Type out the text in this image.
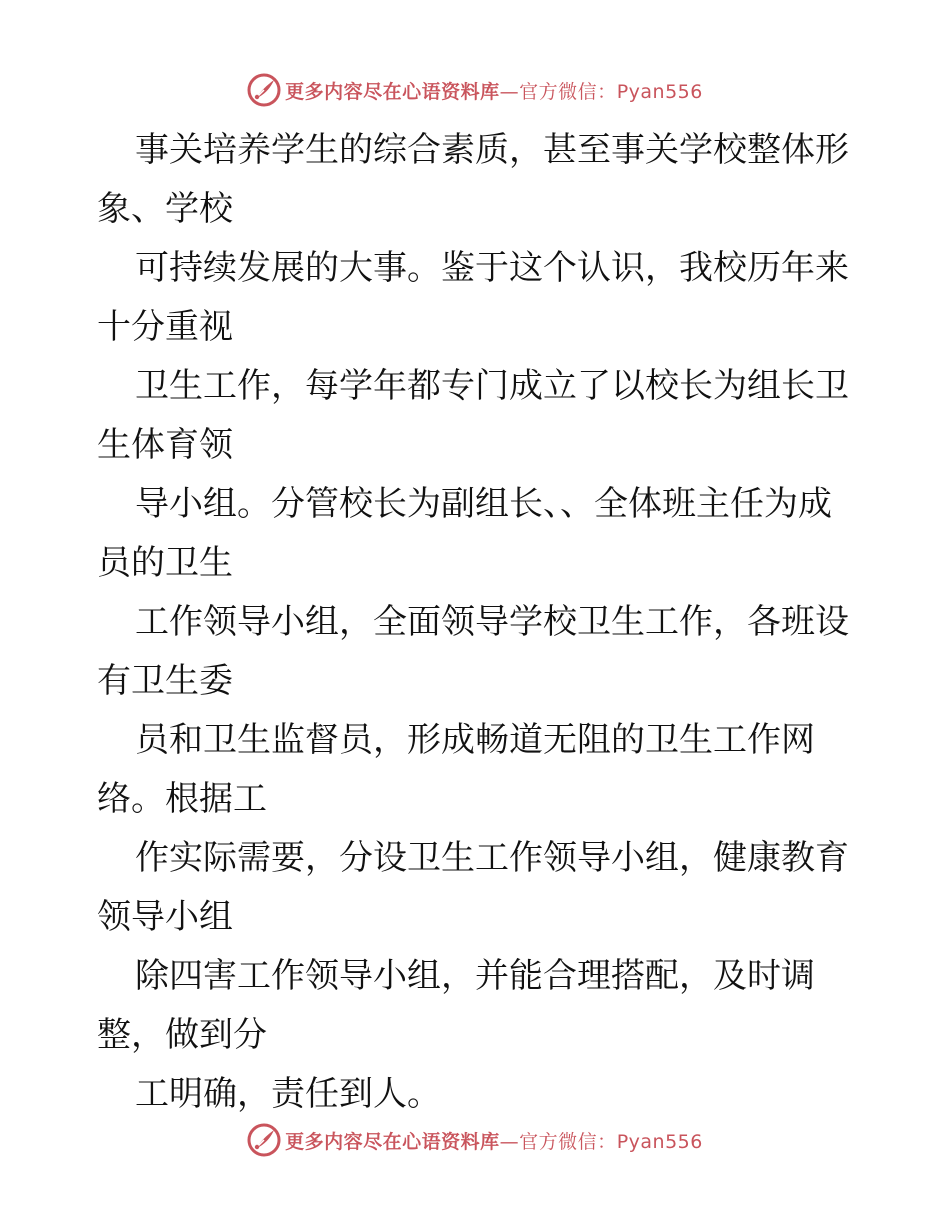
更多内容尽在心语资料库—官方微信：Pyan556

事关培养学生的综合素质，甚至事关学校整体形
象、学校

可持续发展的大事。鉴于这个认识，我校历年来
十分重视

卫生工作，每学年都专门成立了以校长为组长卫
生体育领

导小组。分管校长为副组长、、全体班主任为成
员的卫生

工作领导小组，全面领导学校卫生工作，各班设
有卫生委

员和卫生监督员，形成畅道无阻的卫生工作网
络。根据工

作实际需要，分设卫生工作领导小组，健康教育
领导小组

除四害工作领导小组，并能合理搭配，及时调
整，做到分

工明确，责任到人。

更多内容尽在心语资料库—官方微信：Pyan556
